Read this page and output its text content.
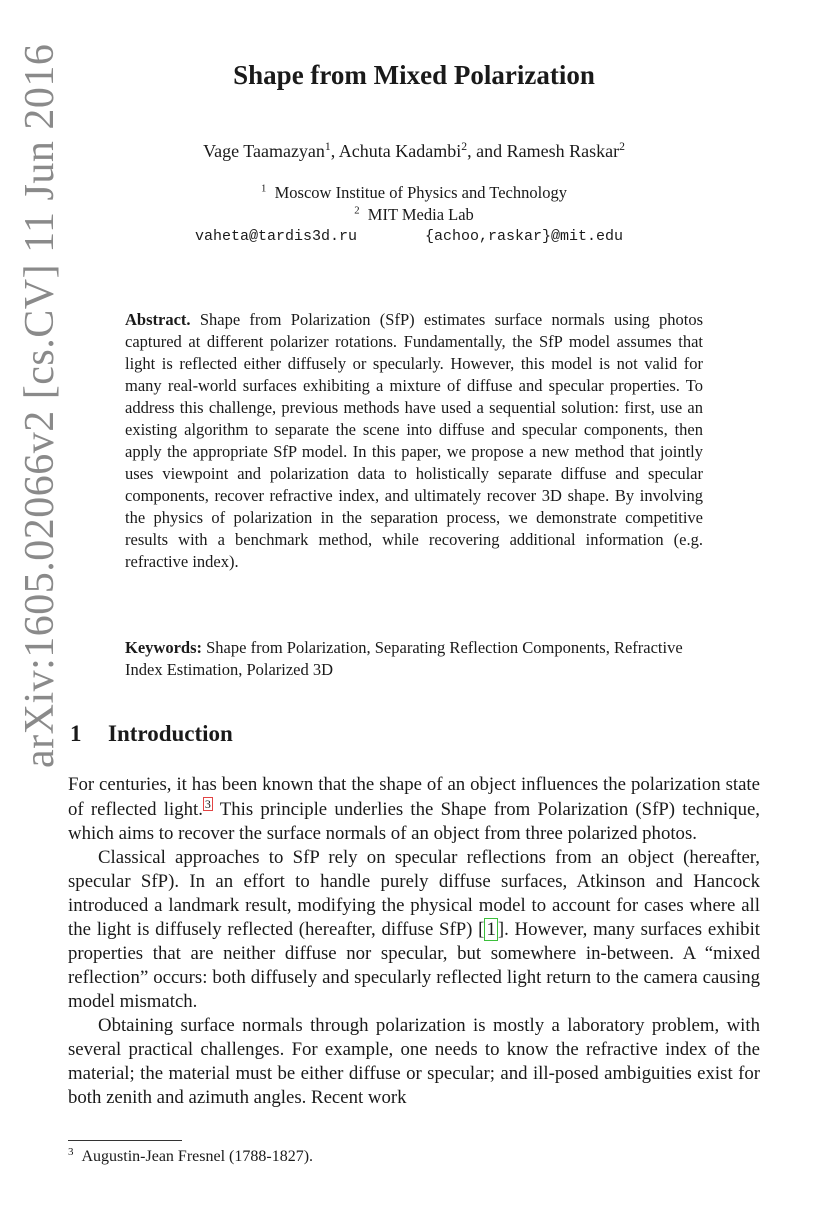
arXiv:1605.02066v2 [cs.CV] 11 Jun 2016	Shape from Mixed Polarization
Vage Taamazyan$^1$, Achuta Kadambi$^2$, and Ramesh Raskar$^2$
$^1$ Moscow Institue of Physics and Technology
$^2$ MIT Media Lab
vaheta@tardis3d.ru	{achoo,raskar}@mit.edu
Abstract. Shape from Polarization (SfP) estimates surface normals using photos captured at different polarizer rotations. Fundamentally, the SfP model assumes that light is reflected either diffusely or specularly. However, this model is not valid for many real-world surfaces exhibiting a mixture of diffuse and specular properties. To address this challenge, previous methods have used a sequential solution: first, use an existing algorithm to separate the scene into diffuse and specular components, then apply the appropriate SfP model. In this paper, we propose a new method that jointly uses viewpoint and polarization data to holistically separate diffuse and specular components, recover refractive index, and ultimately recover 3D shape. By involving the physics of polarization in the separation process, we demonstrate competitive results with a benchmark method, while recovering additional information (e.g. refractive index).
Keywords: Shape from Polarization, Separating Reflection Components, Refractive Index Estimation, Polarized 3D
1 Introduction

For centuries, it has been known that the shape of an object influences the polarization state of reflected light. 3 This principle underlies the Shape from Polarization (SfP) technique, which aims to recover the surface normals of an object from three polarized photos.

Classical approaches to SfP rely on specular reflections from an object (hereafter, specular SfP). In an effort to handle purely diffuse surfaces, Atkinson and Hancock introduced a landmark result, modifying the physical model to account for cases where all the light is diffusely reflected (hereafter, diffuse SfP) [ 1 ]. However, many surfaces exhibit properties that are neither diffuse nor specular, but somewhere in-between. A “mixed reflection” occurs: both diffusely and specularly reflected light return to the camera causing model mismatch.

Obtaining surface normals through polarization is mostly a laboratory problem, with several practical challenges. For example, one needs to know the refractive index of the material; the material must be either diffuse or specular; and ill-posed ambiguities exist for both zenith and azimuth angles. Recent work

$^3$ Augustin-Jean Fresnel (1788-1827).
